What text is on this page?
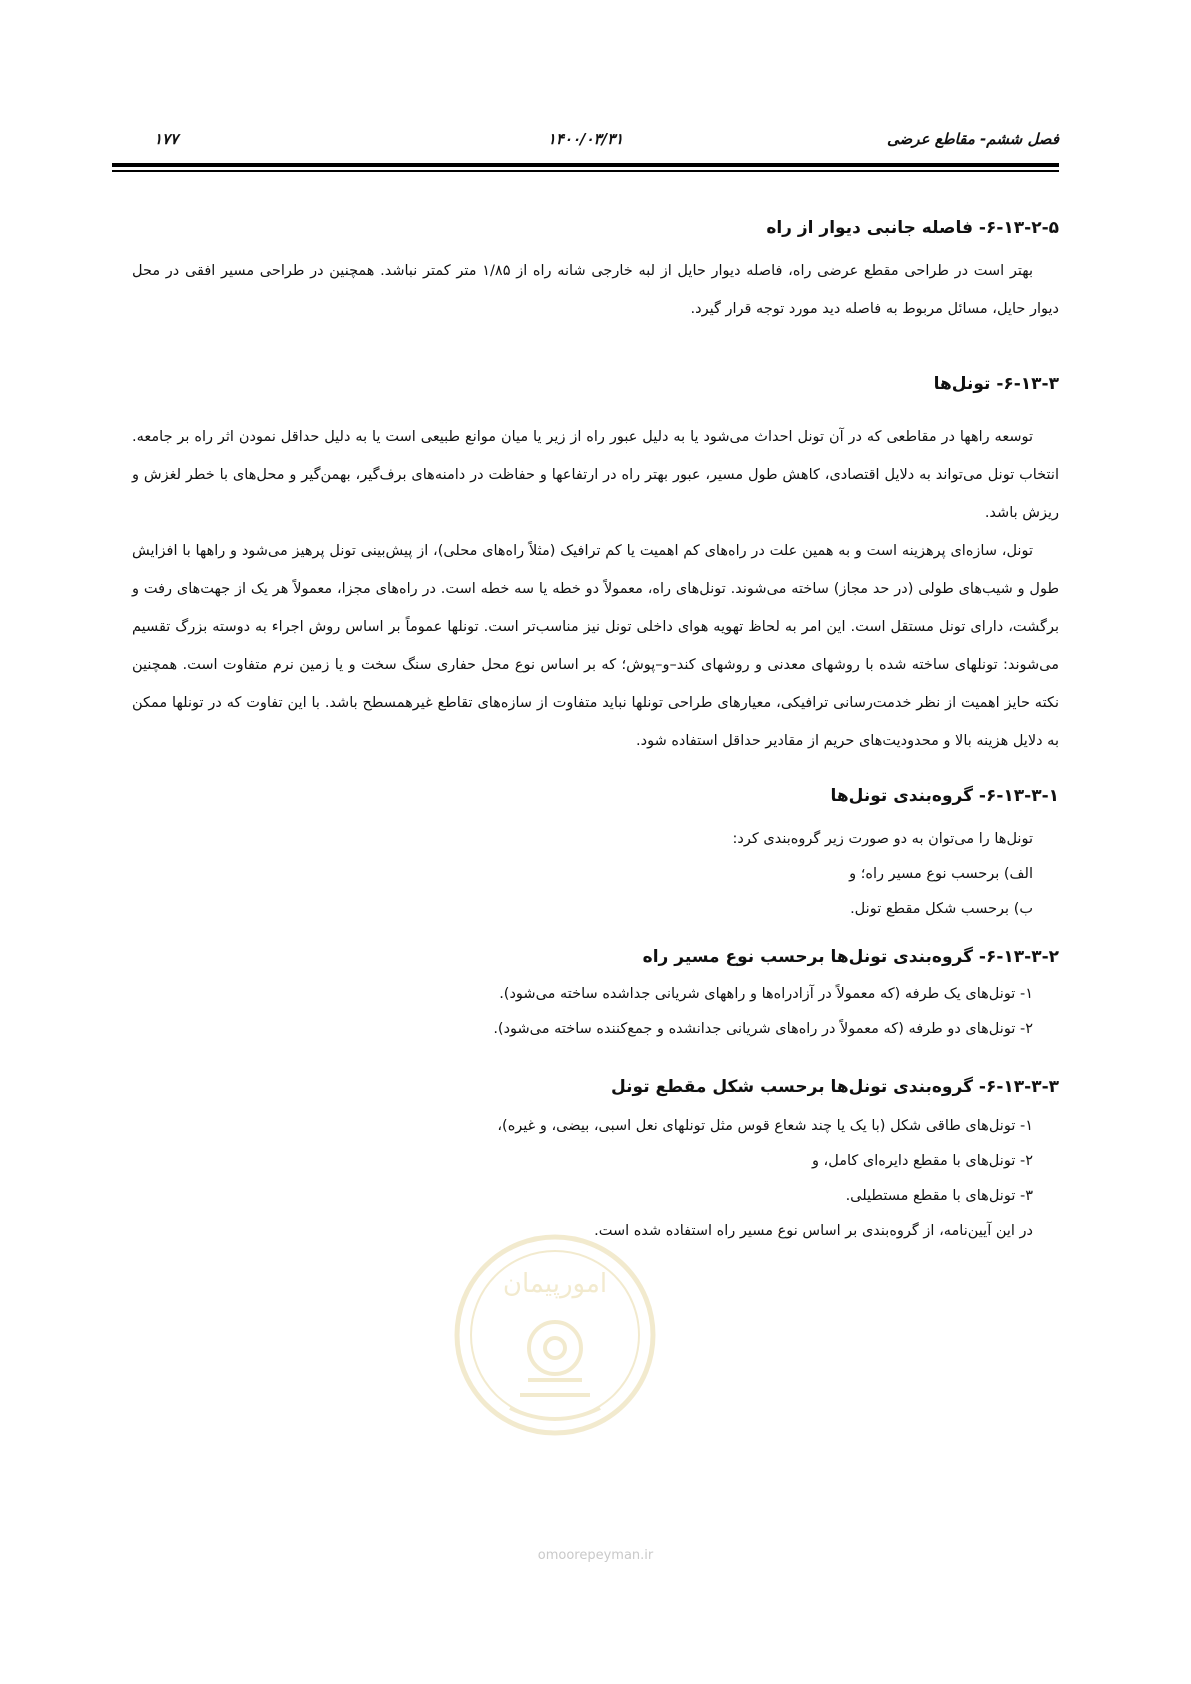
فصل ششم- مقاطع عرضی
۱۴۰۰/۰۳/۳۱
۱۷۷
۶-۱۳-۲-۵- فاصله جانبی دیوار از راه

بهتر است در طراحی مقطع عرضی راه، فاصله دیوار حایل از لبه خارجی شانه راه از ۱/۸۵ متر کمتر نباشد. همچنین در طراحی مسیر افقی در محل دیوار حایل، مسائل مربوط به فاصله دید مورد توجه قرار گیرد.

۶-۱۳-۳- تونل‌ها

توسعه راهها در مقاطعی که در آن تونل احداث می‌شود یا به دلیل عبور راه از زیر یا میان موانع طبیعی است یا به دلیل حداقل نمودن اثر راه بر جامعه. انتخاب تونل می‌تواند به دلایل اقتصادی، کاهش طول مسیر، عبور بهتر راه در ارتفاعها و حفاظت در دامنه‌های برف‌گیر، بهمن‌گیر و محل‌های با خطر لغزش و ریزش باشد.

تونل، سازه‌ای پرهزینه است و به همین علت در راه‌های کم اهمیت یا کم ترافیک (مثلاً راه‌های محلی)، از پیش‌بینی تونل پرهیز می‌شود و راهها با افزایش طول و شیب‌های طولی (در حد مجاز) ساخته می‌شوند. تونل‌های راه، معمولاً دو خطه یا سه خطه است. در راه‌های مجزا، معمولاً هر یک از جهت‌های رفت و برگشت، دارای تونل مستقل است. این امر به لحاظ تهویه هوای داخلی تونل نیز مناسب‌تر است. تونلها عموماً بر اساس روش اجراء به دوسته بزرگ تقسیم می‌شوند: تونلهای ساخته شده با روشهای معدنی و روشهای کند–و–پوش؛ که بر اساس نوع محل حفاری سنگ سخت و یا زمین نرم متفاوت است. همچنین نکته حایز اهمیت از نظر خدمت‌رسانی ترافیکی، معیارهای طراحی تونلها نباید متفاوت از سازه‌های تقاطع غیرهمسطح باشد. با این تفاوت که در تونلها ممکن به دلایل هزینه بالا و محدودیت‌های حریم از مقادیر حداقل استفاده شود.

۶-۱۳-۳-۱- گروه‌بندی تونل‌ها

تونل‌ها را می‌توان به دو صورت زیر گروه‌بندی کرد:

الف) برحسب نوع مسیر راه؛ و

ب) برحسب شکل مقطع تونل.

۶-۱۳-۳-۲- گروه‌بندی تونل‌ها برحسب نوع مسیر راه

۱- تونل‌های یک طرفه (که معمولاً در آزادراه‌ها و راههای شریانی جداشده ساخته می‌شود).

۲- تونل‌های دو طرفه (که معمولاً در راه‌های شریانی جدانشده و جمع‌کننده ساخته می‌شود).

۶-۱۳-۳-۳- گروه‌بندی تونل‌ها برحسب شکل مقطع تونل

۱- تونل‌های طاقی شکل (با یک یا چند شعاع قوس مثل تونلهای نعل اسبی، بیضی، و غیره)،

۲- تونل‌های با مقطع دایره‌ای کامل، و

۳- تونل‌های با مقطع مستطیلی.

در این آیین‌نامه، از گروه‌بندی بر اساس نوع مسیر راه استفاده شده است.

امورپیمان
omoorepeyman.ir
